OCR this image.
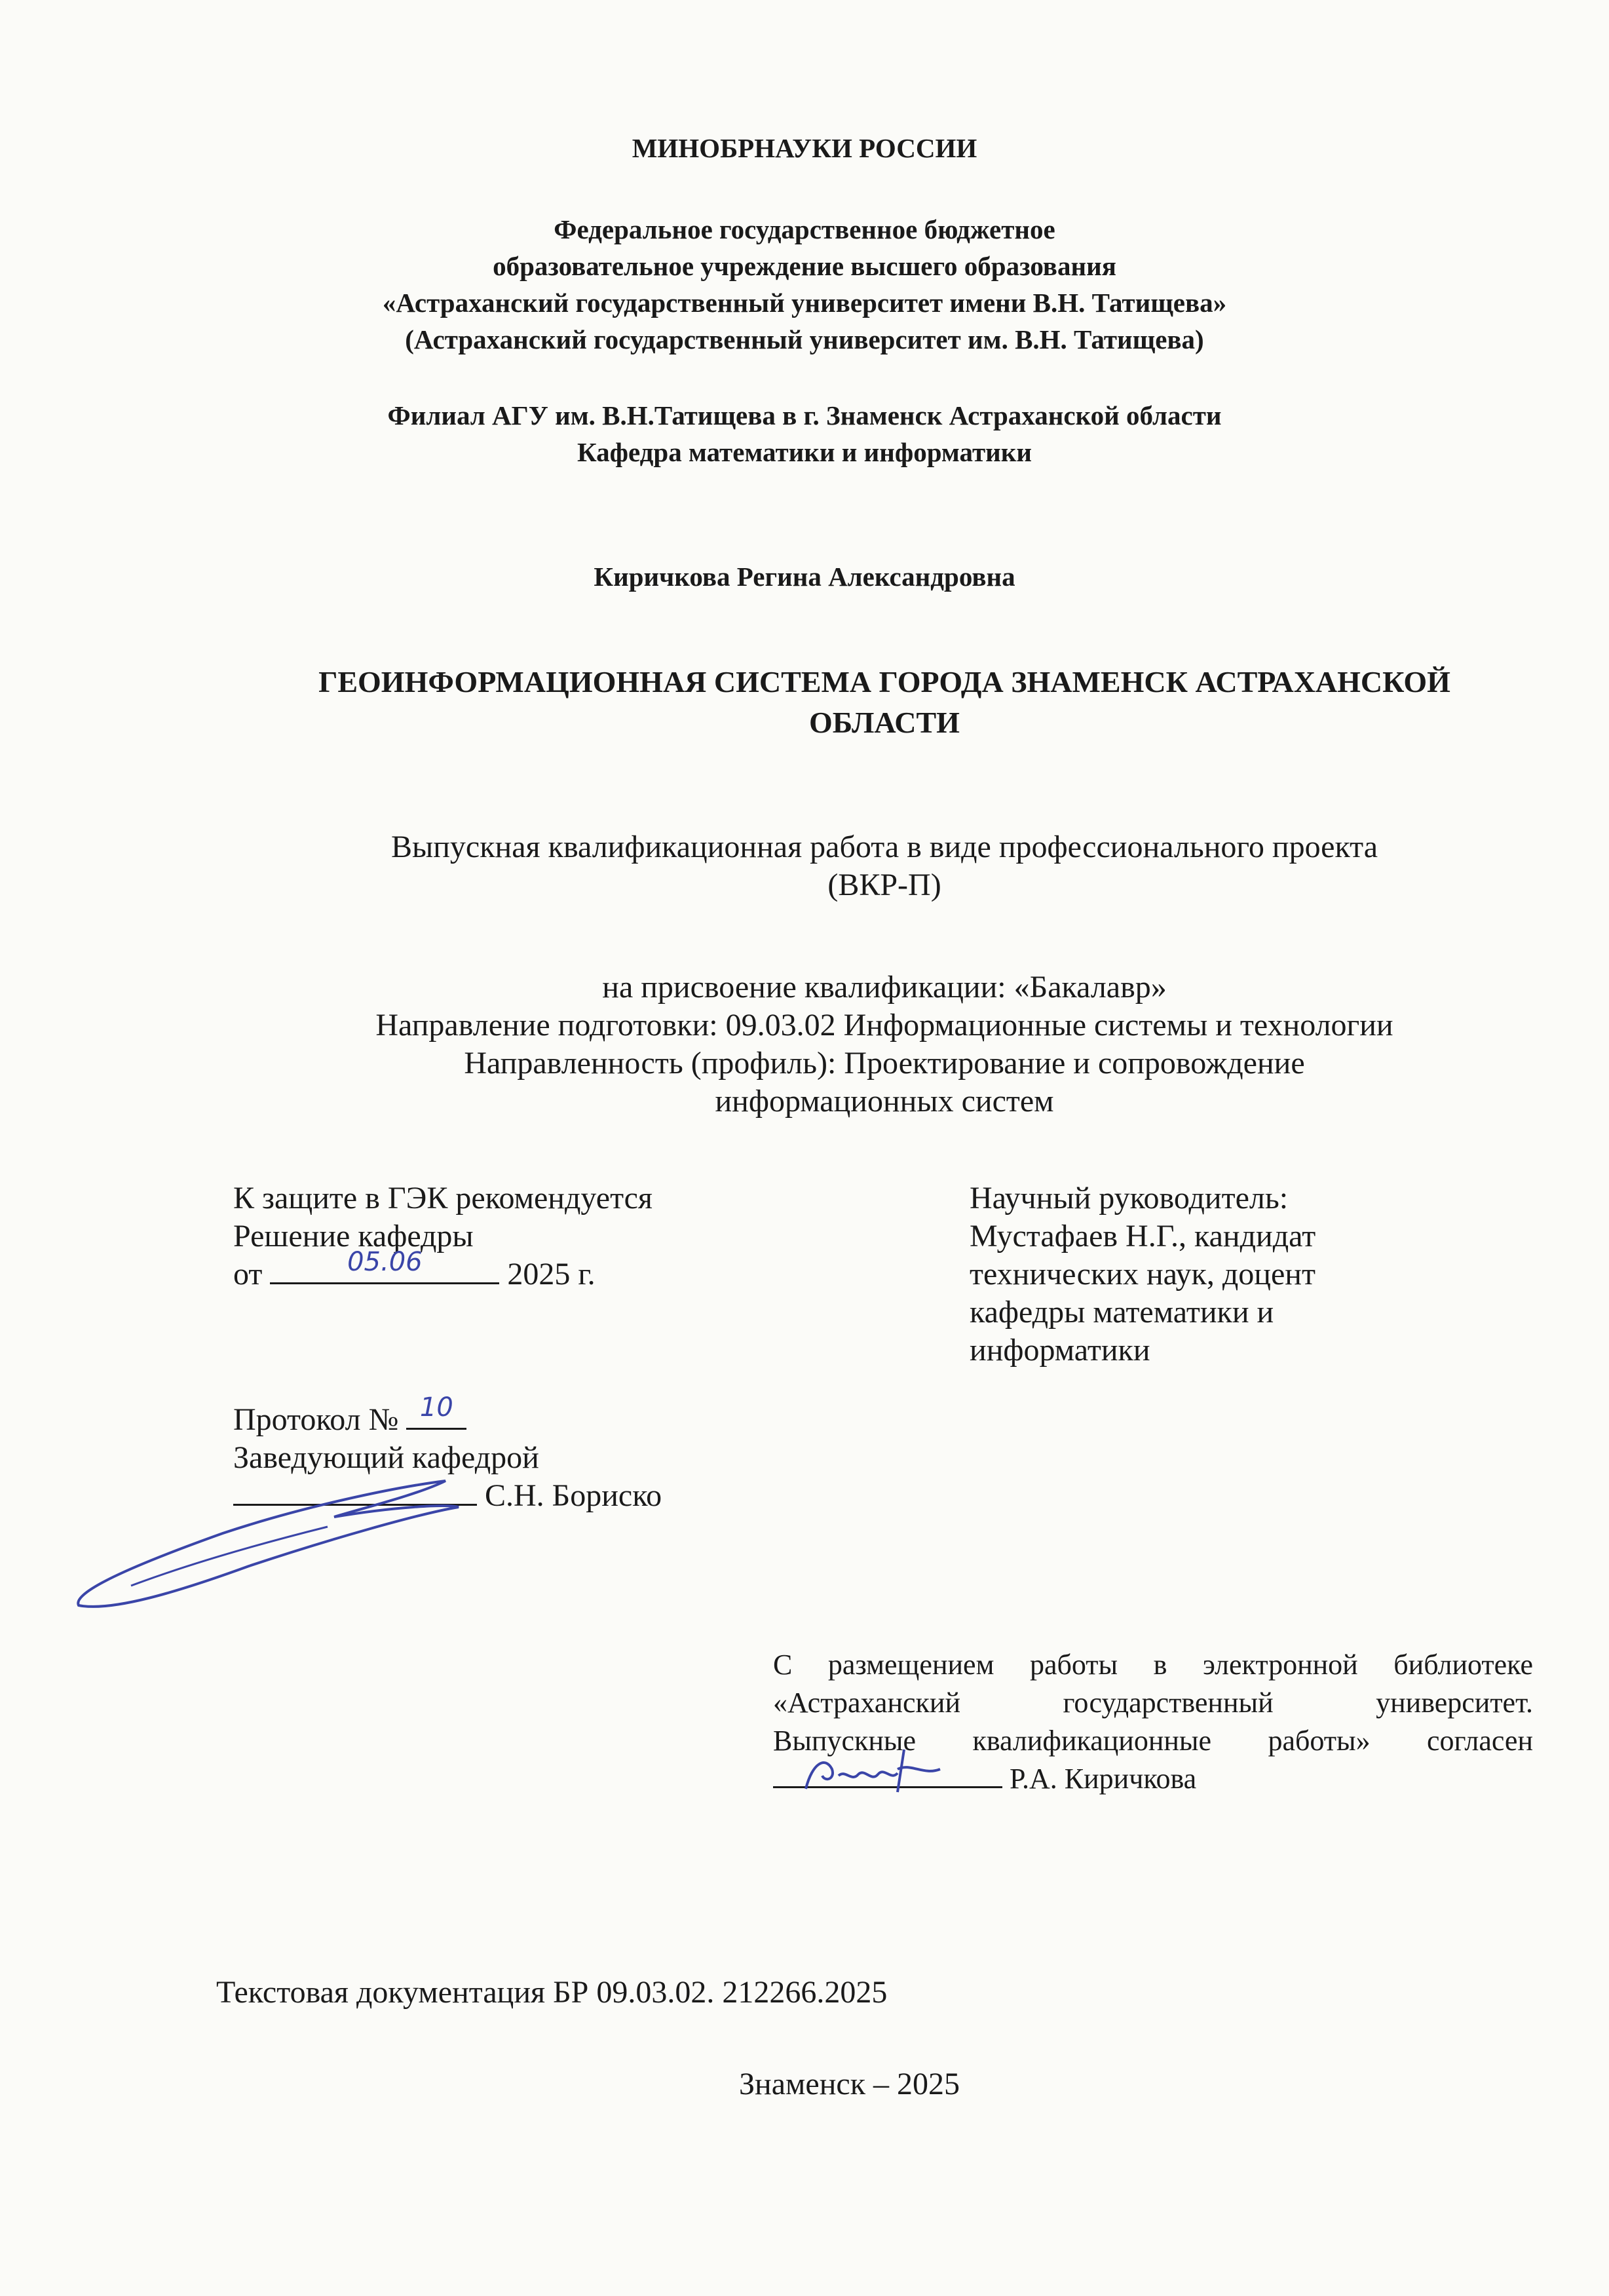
МИНОБРНАУКИ РОССИИ
Федеральное государственное бюджетное
образовательное учреждение высшего образования
«Астраханский государственный университет имени В.Н. Татищева»
(Астраханский государственный университет им. В.Н. Татищева)
Филиал АГУ им. В.Н.Татищева в г. Знаменск Астраханской области
Кафедра математики и информатики
Киричкова Регина Александровна
ГЕОИНФОРМАЦИОННАЯ СИСТЕМА ГОРОДА ЗНАМЕНСК АСТРАХАНСКОЙ
ОБЛАСТИ
Выпускная квалификационная работа в виде профессионального проекта
(ВКР-П)
на присвоение квалификации: «Бакалавр»
Направление подготовки: 09.03.02 Информационные системы и технологии
Направленность (профиль): Проектирование и сопровождение
информационных систем
К защите в ГЭК рекомендуется
Решение кафедры
от	05.06	2025 г.
Протокол № 10
Заведующий кафедрой
С.Н. Бориско
Научный руководитель:
Мустафаев Н.Г., кандидат
технических наук, доцент
кафедры математики и
информатики
С размещением работы в электронной библиотеке
«Астраханский государственный университет.
Выпускные квалификационные работы» согласен
Р.А. Киричкова
Текстовая документация БР 09.03.02. 212266.2025
Знаменск – 2025
